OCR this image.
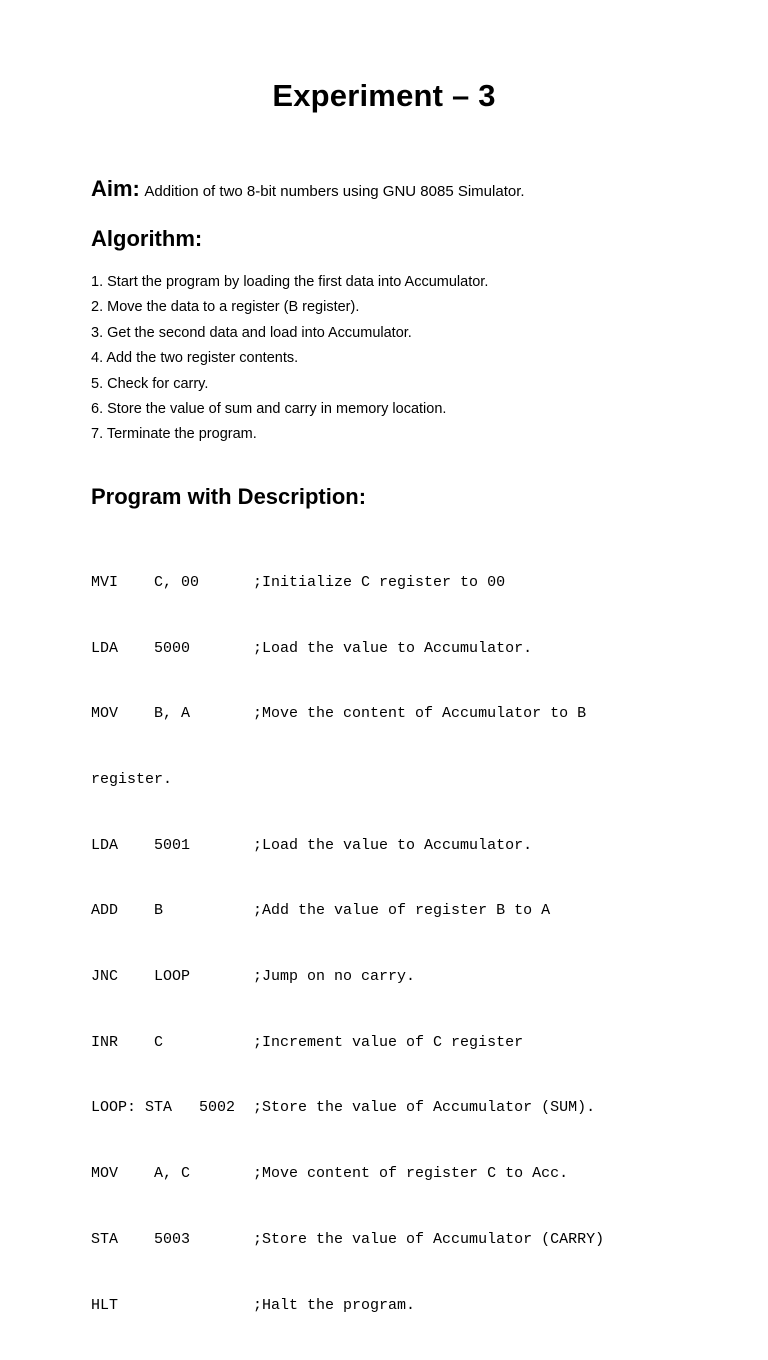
Experiment – 3
Aim: Addition of two 8-bit numbers using GNU 8085 Simulator.
Algorithm:
1. Start the program by loading the first data into Accumulator.
2. Move the data to a register (B register).
3. Get the second data and load into Accumulator.
4. Add the two register contents.
5. Check for carry.
6. Store the value of sum and carry in memory location.
7. Terminate the program.
Program with Description:

MVI    C, 00      ;Initialize C register to 00

LDA    5000       ;Load the value to Accumulator.

MOV    B, A       ;Move the content of Accumulator to B

register.

LDA    5001       ;Load the value to Accumulator.

ADD    B          ;Add the value of register B to A

JNC    LOOP       ;Jump on no carry.

INR    C          ;Increment value of C register

LOOP: STA   5002  ;Store the value of Accumulator (SUM).

MOV    A, C       ;Move content of register C to Acc.

STA    5003       ;Store the value of Accumulator (CARRY)

HLT               ;Halt the program.
